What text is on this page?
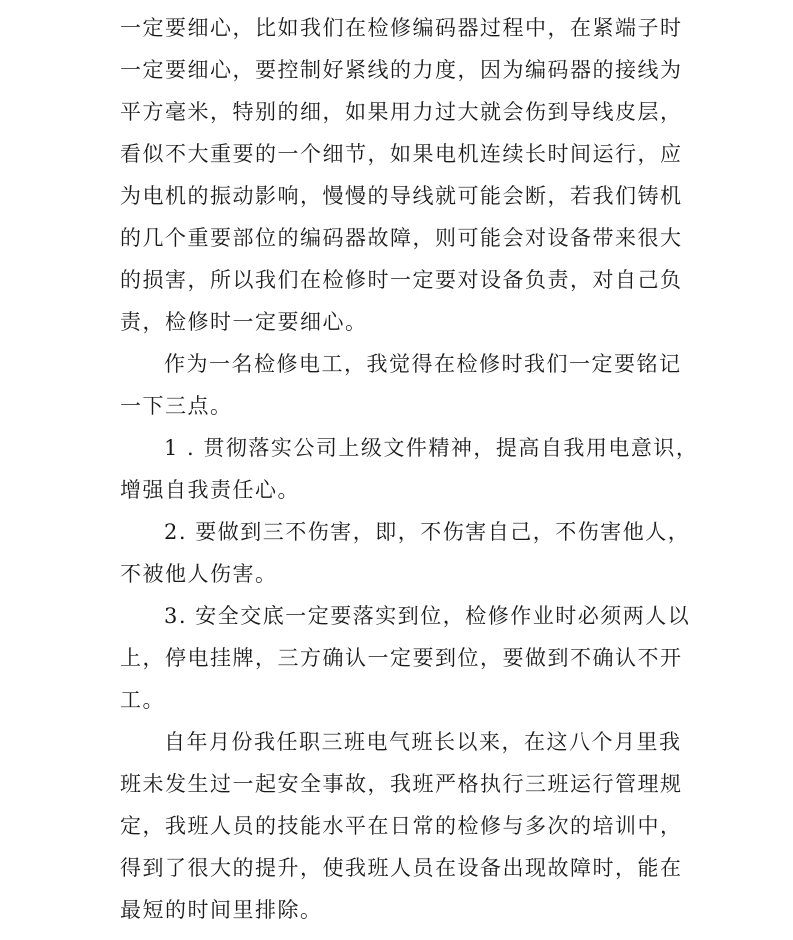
一定要细心，比如我们在检修编码器过程中，在紧端子时
一定要细心，要控制好紧线的力度，因为编码器的接线为
平方毫米，特别的细，如果用力过大就会伤到导线皮层，
看似不大重要的一个细节，如果电机连续长时间运行，应
为电机的振动影响，慢慢的导线就可能会断，若我们铸机
的几个重要部位的编码器故障，则可能会对设备带来很大
的损害，所以我们在检修时一定要对设备负责，对自己负
责，检修时一定要细心。
作为一名检修电工，我觉得在检修时我们一定要铭记
一下三点。
1 . 贯彻落实公司上级文件精神，提高自我用电意识，
增强自我责任心。
2. 要做到三不伤害，即，不伤害自己，不伤害他人，
不被他人伤害。
3. 安全交底一定要落实到位，检修作业时必须两人以
上，停电挂牌，三方确认一定要到位，要做到不确认不开
工。
自年月份我任职三班电气班长以来，在这八个月里我
班未发生过一起安全事故，我班严格执行三班运行管理规
定，我班人员的技能水平在日常的检修与多次的培训中，
得到了很大的提升，使我班人员在设备出现故障时，能在
最短的时间里排除。
